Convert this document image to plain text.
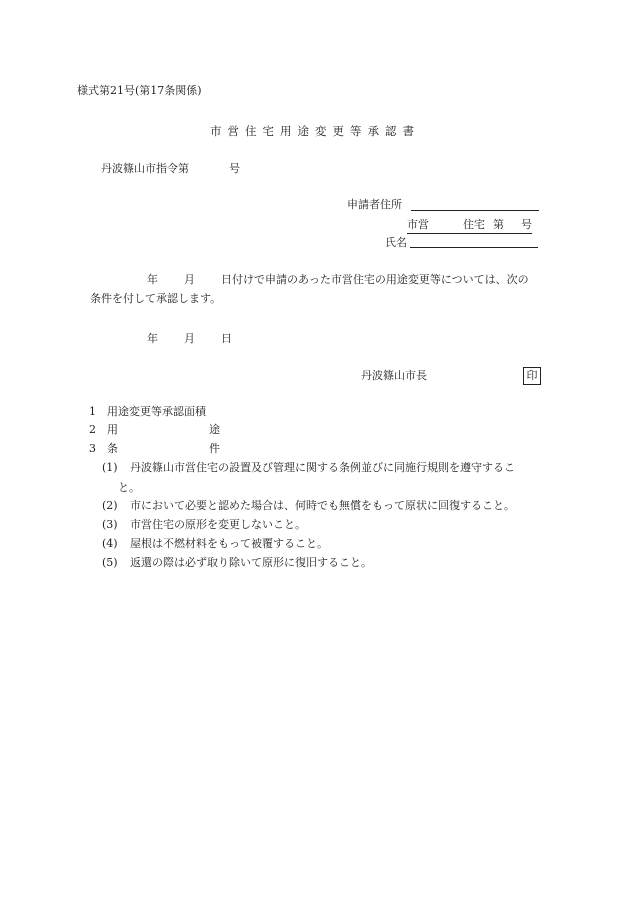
様式第21号(第17条関係)
市営住宅用途変更等承認書
丹波篠山市指令第	号
申請者住所
市営	住宅 第 号
氏名
年 月 日付けで申請のあった市営住宅の用途変更等については、次の
条件を付して承認します。
年 月 日
丹波篠山市長	印
1 用途変更等承認面積
2 用	途
3 条	件
(1) 丹波篠山市営住宅の設置及び管理に関する条例並びに同施行規則を遵守するこ
と。
(2) 市において必要と認めた場合は、何時でも無償をもって原状に回復すること。
(3) 市営住宅の原形を変更しないこと。
(4) 屋根は不燃材料をもって被覆すること。
(5) 返還の際は必ず取り除いて原形に復旧すること。
